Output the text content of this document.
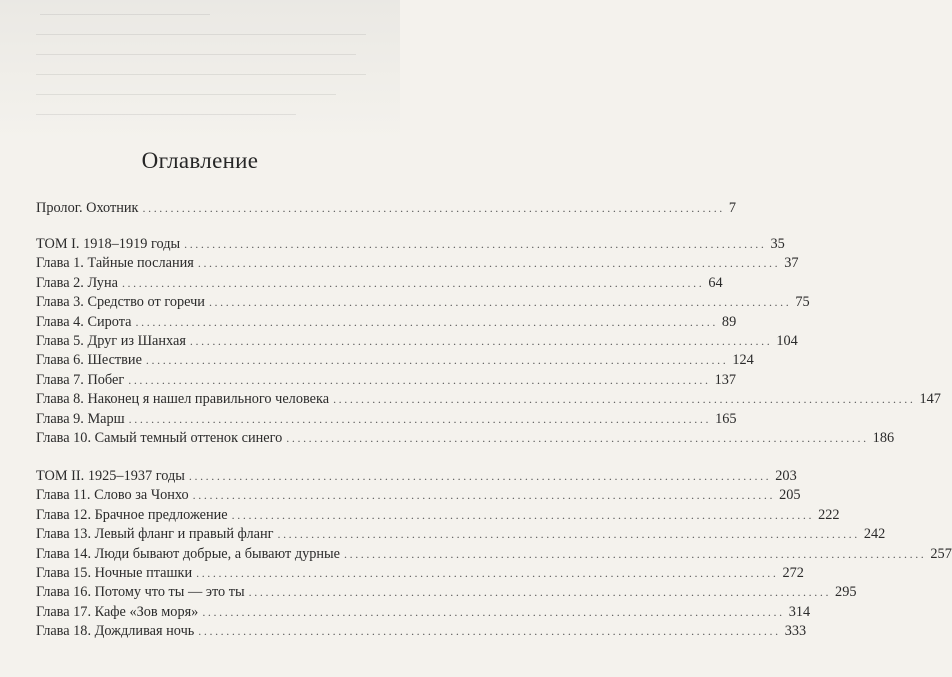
Оглавление
Пролог. Охотник ........................................................................................................ 7
ТОМ I. 1918–1919 годы ........................................................................................................ 35
Глава 1. Тайные послания ........................................................................................................ 37
Глава 2. Луна ........................................................................................................ 64
Глава 3. Средство от горечи ........................................................................................................ 75
Глава 4. Сирота ........................................................................................................ 89
Глава 5. Друг из Шанхая ........................................................................................................ 104
Глава 6. Шествие ........................................................................................................ 124
Глава 7. Побег ........................................................................................................ 137
Глава 8. Наконец я нашел правильного человека ........................................................................................................ 147
Глава 9. Марш ........................................................................................................ 165
Глава 10. Самый темный оттенок синего ........................................................................................................ 186
ТОМ II. 1925–1937 годы ........................................................................................................ 203
Глава 11. Слово за Чонхо ........................................................................................................ 205
Глава 12. Брачное предложение ........................................................................................................ 222
Глава 13. Левый фланг и правый фланг ........................................................................................................ 242
Глава 14. Люди бывают добрые, а бывают дурные ........................................................................................................ 257
Глава 15. Ночные пташки ........................................................................................................ 272
Глава 16. Потому что ты — это ты ........................................................................................................ 295
Глава 17. Кафе «Зов моря» ........................................................................................................ 314
Глава 18. Дождливая ночь ........................................................................................................ 333
